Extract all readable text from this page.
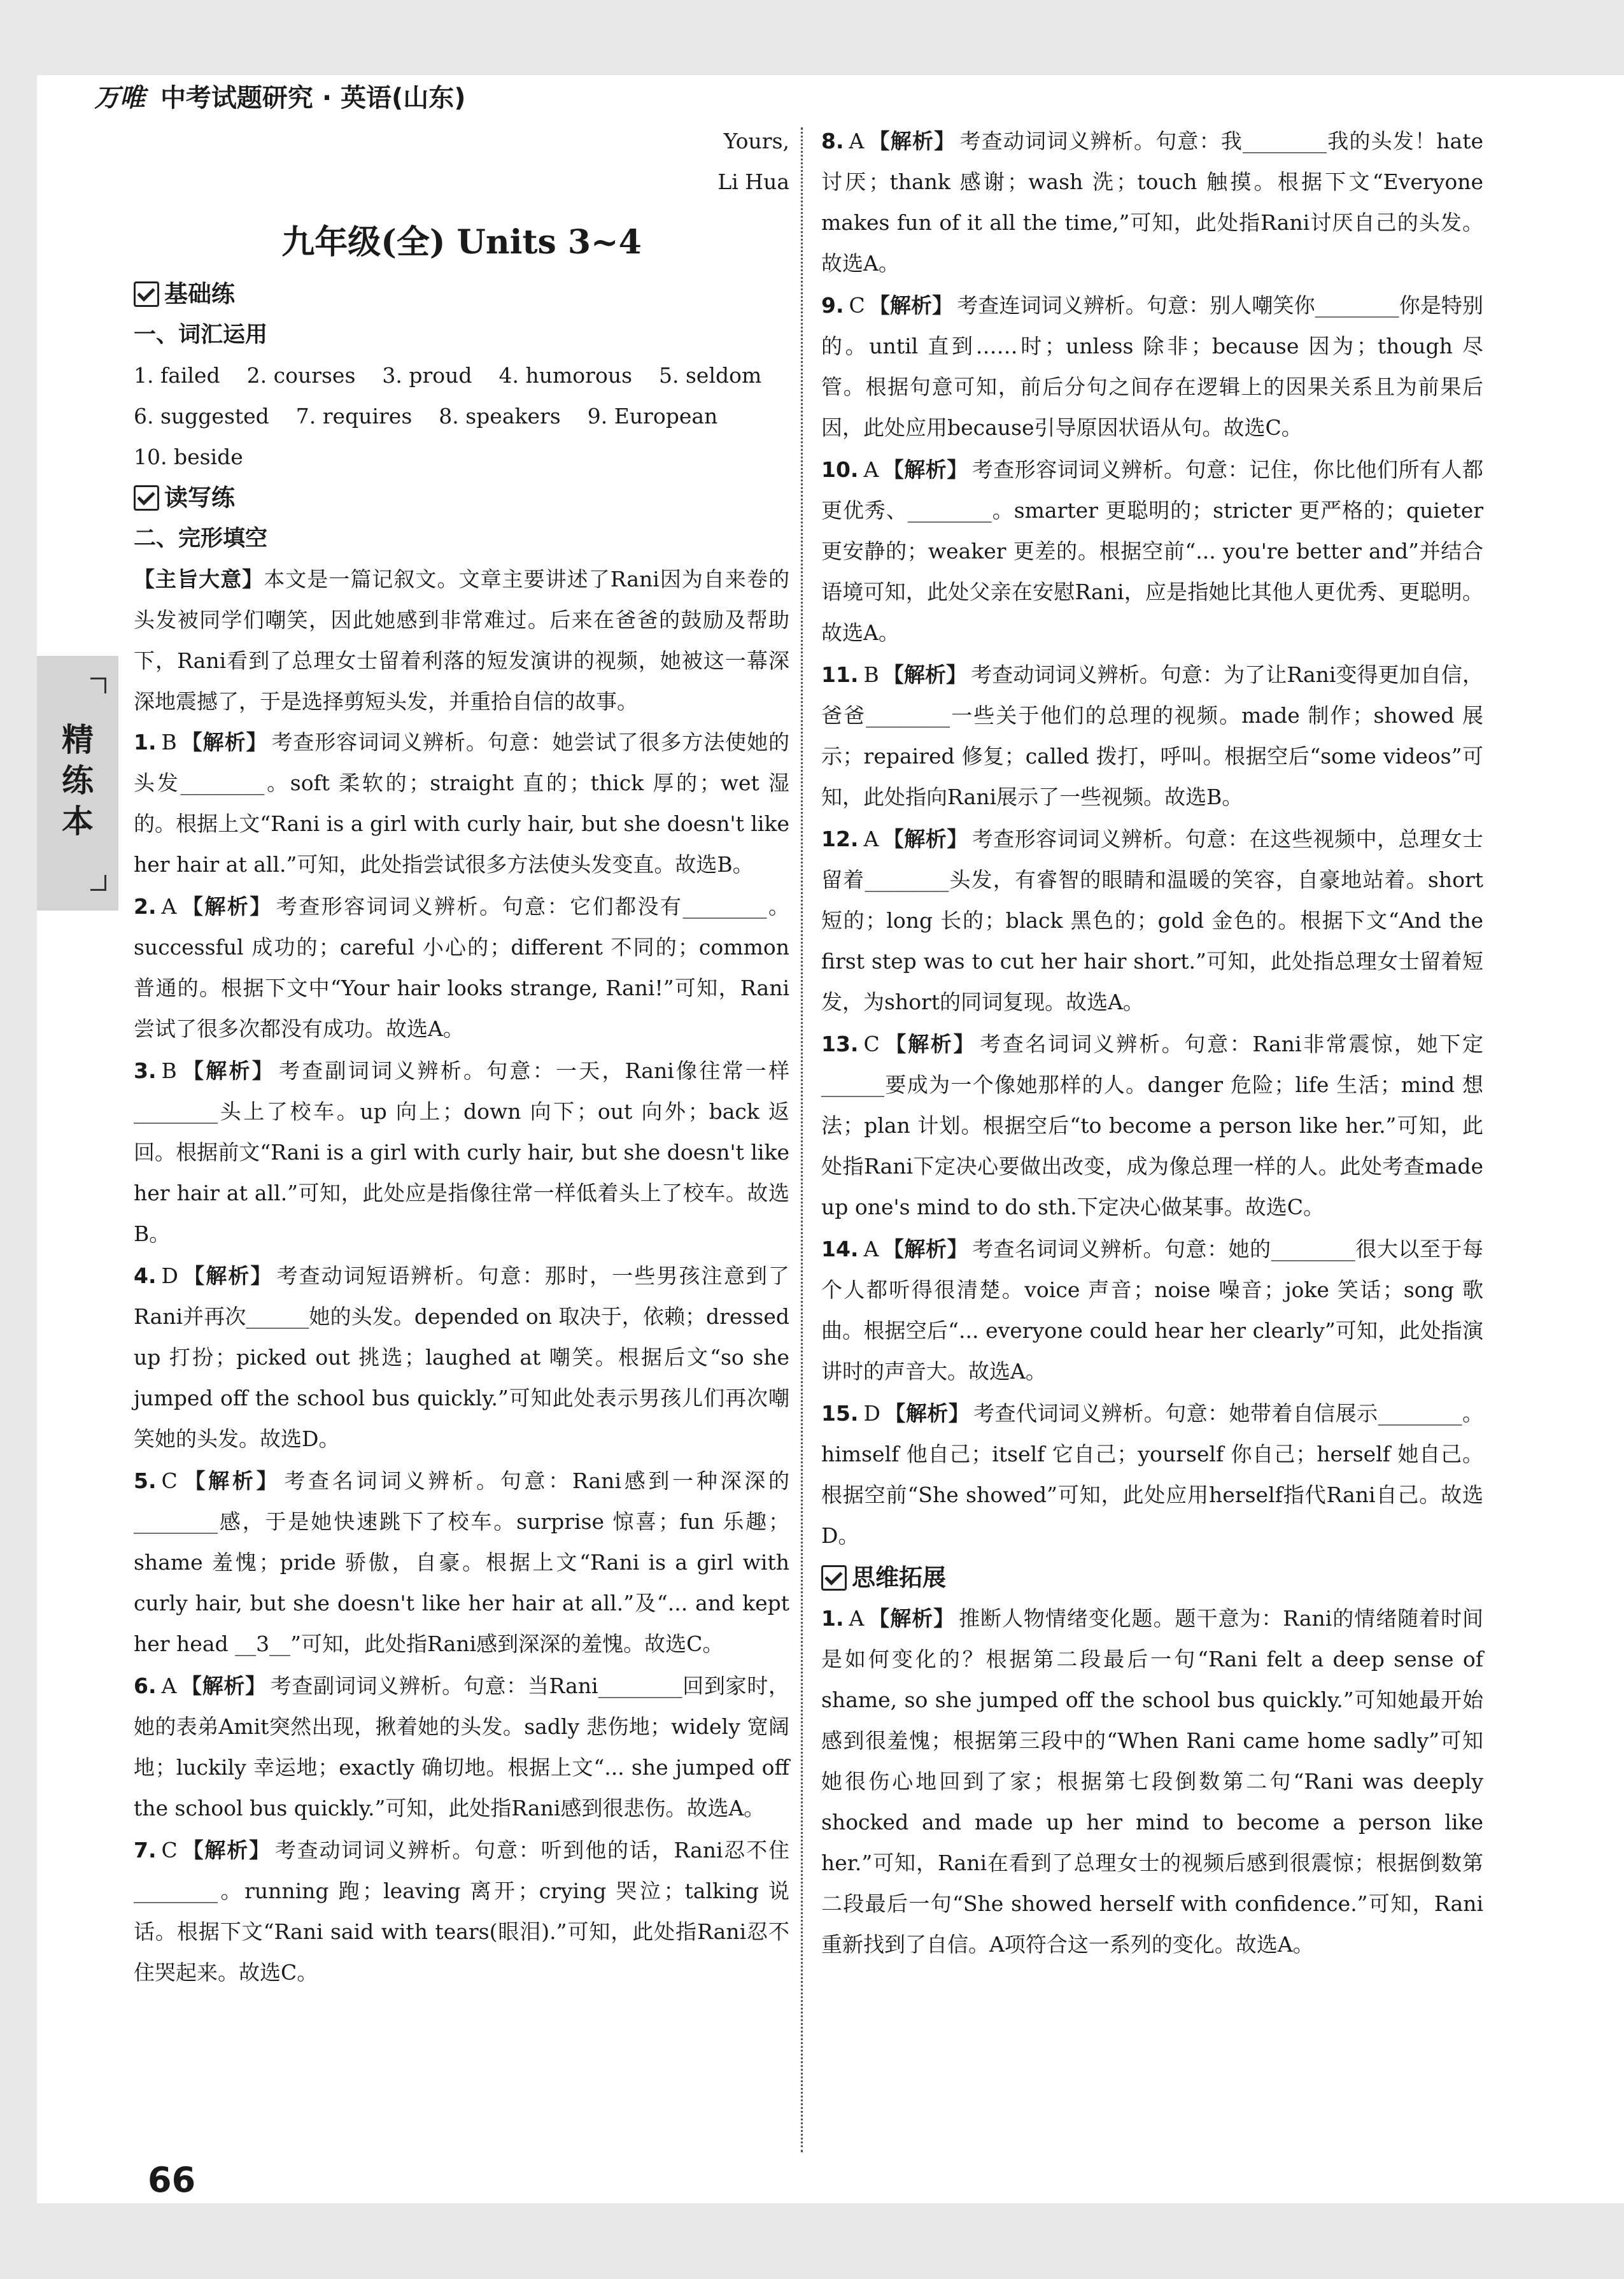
万唯 中考试题研究 · 英语(山东)
精
练
本
Yours,
Li Hua
九年级(全) Units 3~4
基础练
一、词汇运用
1. failed 2. courses 3. proud 4. humorous 5. seldom
6. suggested 7. requires 8. speakers 9. European
10. beside
读写练
二、完形填空
【主旨大意】本文是一篇记叙文。文章主要讲述了Rani因为自来卷的头发被同学们嘲笑，因此她感到非常难过。后来在爸爸的鼓励及帮助下，Rani看到了总理女士留着利落的短发演讲的视频，她被这一幕深深地震撼了，于是选择剪短头发，并重拾自信的故事。
1. B 【解析】 考查形容词词义辨析。句意：她尝试了很多方法使她的头发________。soft 柔软的；straight 直的；thick 厚的；wet 湿的。根据上文“Rani is a girl with curly hair, but she doesn't like her hair at all.”可知，此处指尝试很多方法使头发变直。故选B。
2. A 【解析】 考查形容词词义辨析。句意：它们都没有________。successful 成功的；careful 小心的；different 不同的；common 普通的。根据下文中“Your hair looks strange, Rani!”可知，Rani尝试了很多次都没有成功。故选A。
3. B 【解析】 考查副词词义辨析。句意：一天，Rani像往常一样________头上了校车。up 向上；down 向下；out 向外；back 返回。根据前文“Rani is a girl with curly hair, but she doesn't like her hair at all.”可知，此处应是指像往常一样低着头上了校车。故选B。
4. D 【解析】 考查动词短语辨析。句意：那时，一些男孩注意到了Rani并再次______她的头发。depended on 取决于，依赖；dressed up 打扮；picked out 挑选；laughed at 嘲笑。根据后文“so she jumped off the school bus quickly.”可知此处表示男孩儿们再次嘲笑她的头发。故选D。
5. C 【解析】 考查名词词义辨析。句意：Rani感到一种深深的________感，于是她快速跳下了校车。surprise 惊喜；fun 乐趣；shame 羞愧；pride 骄傲，自豪。根据上文“Rani is a girl with curly hair, but she doesn't like her hair at all.”及“... and kept her head __3__”可知，此处指Rani感到深深的羞愧。故选C。
6. A 【解析】 考查副词词义辨析。句意：当Rani________回到家时，她的表弟Amit突然出现，揪着她的头发。sadly 悲伤地；widely 宽阔地；luckily 幸运地；exactly 确切地。根据上文“... she jumped off the school bus quickly.”可知，此处指Rani感到很悲伤。故选A。
7. C 【解析】 考查动词词义辨析。句意：听到他的话，Rani忍不住________。running 跑；leaving 离开；crying 哭泣；talking 说话。根据下文“Rani said with tears(眼泪).”可知，此处指Rani忍不住哭起来。故选C。
8. A 【解析】 考查动词词义辨析。句意：我________我的头发！hate 讨厌；thank 感谢；wash 洗；touch 触摸。根据下文“Everyone makes fun of it all the time,”可知，此处指Rani讨厌自己的头发。故选A。
9. C 【解析】 考查连词词义辨析。句意：别人嘲笑你________你是特别的。until 直到……时；unless 除非；because 因为；though 尽管。根据句意可知，前后分句之间存在逻辑上的因果关系且为前果后因，此处应用because引导原因状语从句。故选C。
10. A 【解析】 考查形容词词义辨析。句意：记住，你比他们所有人都更优秀、________。smarter 更聪明的；stricter 更严格的；quieter 更安静的；weaker 更差的。根据空前“... you're better and”并结合语境可知，此处父亲在安慰Rani，应是指她比其他人更优秀、更聪明。故选A。
11. B 【解析】 考查动词词义辨析。句意：为了让Rani变得更加自信，爸爸________一些关于他们的总理的视频。made 制作；showed 展示；repaired 修复；called 拨打，呼叫。根据空后“some videos”可知，此处指向Rani展示了一些视频。故选B。
12. A 【解析】 考查形容词词义辨析。句意：在这些视频中，总理女士留着________头发，有睿智的眼睛和温暖的笑容，自豪地站着。short 短的；long 长的；black 黑色的；gold 金色的。根据下文“And the first step was to cut her hair short.”可知，此处指总理女士留着短发，为short的同词复现。故选A。
13. C 【解析】 考查名词词义辨析。句意：Rani非常震惊，她下定______要成为一个像她那样的人。danger 危险；life 生活；mind 想法；plan 计划。根据空后“to become a person like her.”可知，此处指Rani下定决心要做出改变，成为像总理一样的人。此处考查made up one's mind to do sth.下定决心做某事。故选C。
14. A 【解析】 考查名词词义辨析。句意：她的________很大以至于每个人都听得很清楚。voice 声音；noise 噪音；joke 笑话；song 歌曲。根据空后“... everyone could hear her clearly”可知，此处指演讲时的声音大。故选A。
15. D 【解析】 考查代词词义辨析。句意：她带着自信展示________。himself 他自己；itself 它自己；yourself 你自己；herself 她自己。根据空前“She showed”可知，此处应用herself指代Rani自己。故选D。
思维拓展
1. A 【解析】 推断人物情绪变化题。题干意为：Rani的情绪随着时间是如何变化的？根据第二段最后一句“Rani felt a deep sense of shame, so she jumped off the school bus quickly.”可知她最开始感到很羞愧；根据第三段中的“When Rani came home sadly”可知她很伤心地回到了家；根据第七段倒数第二句“Rani was deeply shocked and made up her mind to become a person like her.”可知，Rani在看到了总理女士的视频后感到很震惊；根据倒数第二段最后一句“She showed herself with confidence.”可知，Rani重新找到了自信。A项符合这一系列的变化。故选A。
66
